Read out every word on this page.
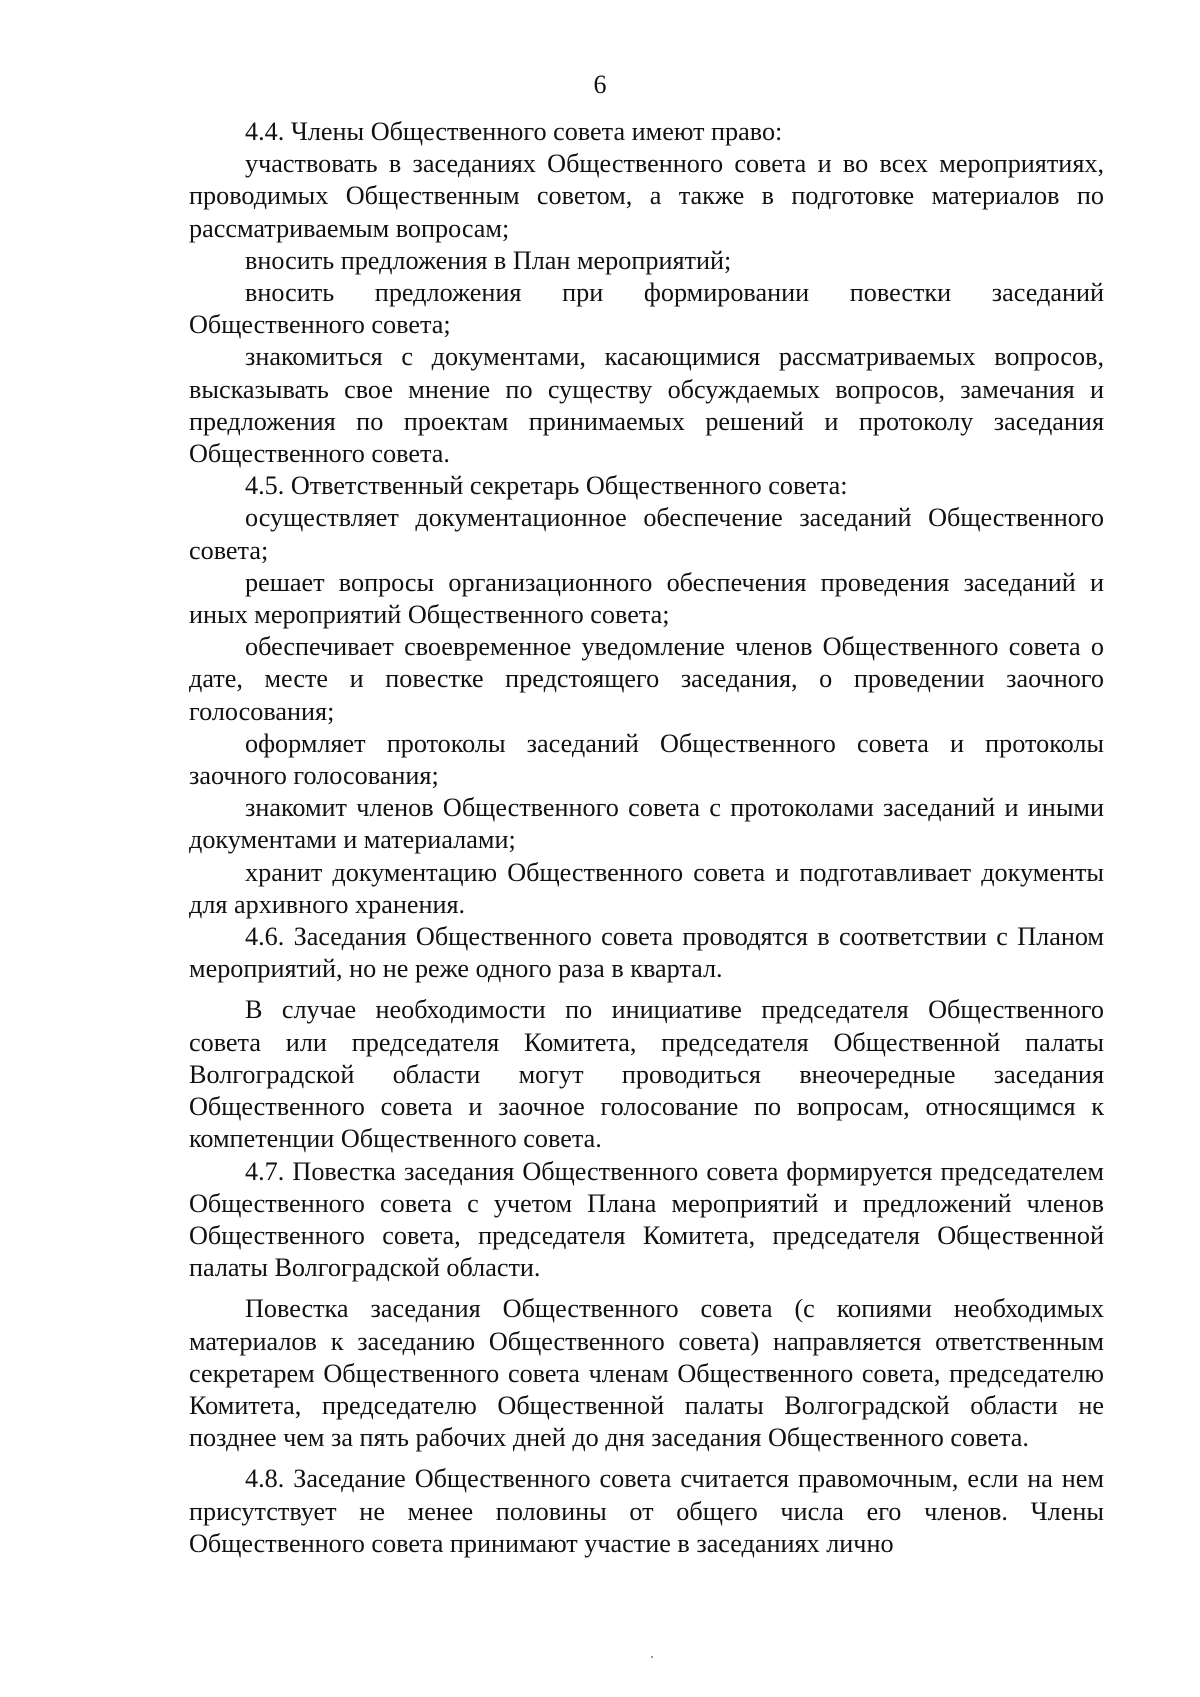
6

4.4. Члены Общественного совета имеют право:

участвовать в заседаниях Общественного совета и во всех мероприятиях, проводимых Общественным советом, а также в подготовке материалов по рассматриваемым вопросам;

вносить предложения в План мероприятий;

вносить предложения при формировании повестки заседаний Общественного совета;

знакомиться с документами, касающимися рассматриваемых вопросов, высказывать свое мнение по существу обсуждаемых вопросов, замечания и предложения по проектам принимаемых решений и протоколу заседания Общественного совета.

4.5. Ответственный секретарь Общественного совета:

осуществляет документационное обеспечение заседаний Общественного совета;

решает вопросы организационного обеспечения проведения заседаний и иных мероприятий Общественного совета;

обеспечивает своевременное уведомление членов Общественного совета о дате, месте и повестке предстоящего заседания, о проведении заочного голосования;

оформляет протоколы заседаний Общественного совета и протоколы заочного голосования;

знакомит членов Общественного совета с протоколами заседаний и иными документами и материалами;

хранит документацию Общественного совета и подготавливает документы для архивного хранения.

4.6. Заседания Общественного совета проводятся в соответствии с Планом мероприятий, но не реже одного раза в квартал.

В случае необходимости по инициативе председателя Общественного совета или председателя Комитета, председателя Общественной палаты Волгоградской области могут проводиться внеочередные заседания Общественного совета и заочное голосование по вопросам, относящимся к компетенции Общественного совета.

4.7. Повестка заседания Общественного совета формируется председателем Общественного совета с учетом Плана мероприятий и предложений членов Общественного совета, председателя Комитета, председателя Общественной палаты Волгоградской области.

Повестка заседания Общественного совета (с копиями необходимых материалов к заседанию Общественного совета) направляется ответственным секретарем Общественного совета членам Общественного совета, председателю Комитета, председателю Общественной палаты Волгоградской области не позднее чем за пять рабочих дней до дня заседания Общественного совета.

4.8. Заседание Общественного совета считается правомочным, если на нем присутствует не менее половины от общего числа его членов. Члены Общественного совета принимают участие в заседаниях лично
